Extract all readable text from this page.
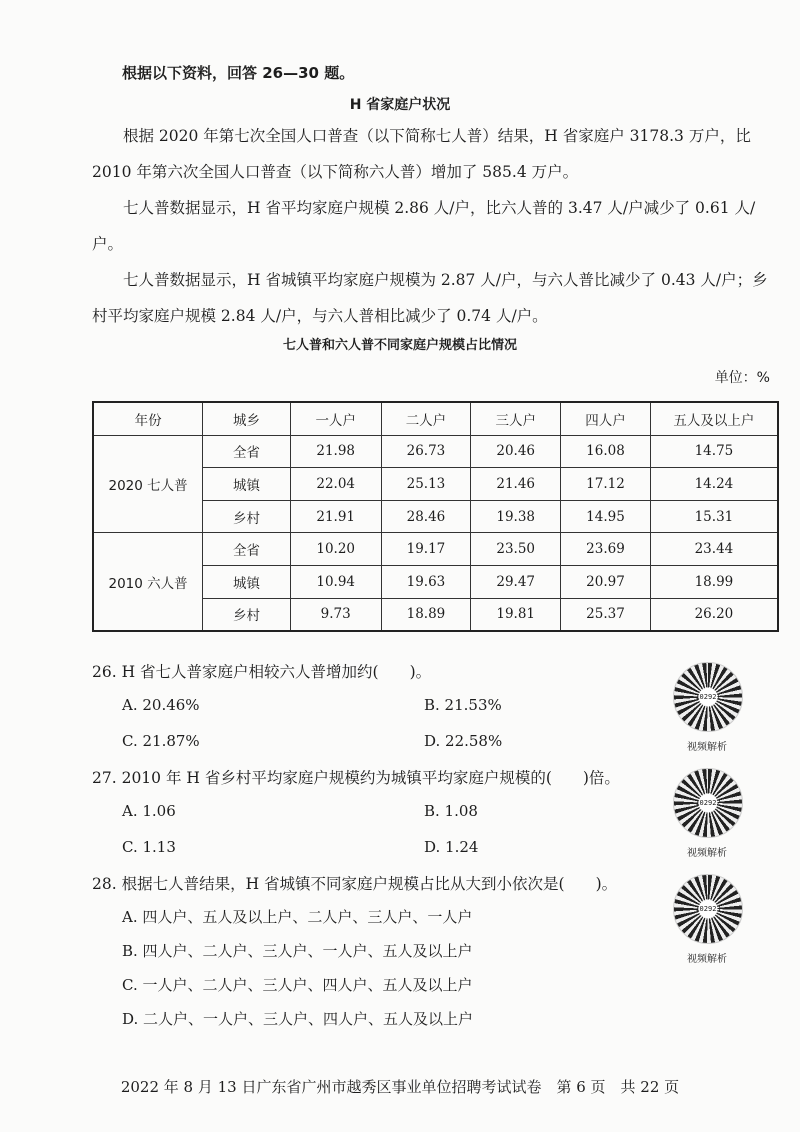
根据以下资料，回答 26—30 题。
H 省家庭户状况
根据 2020 年第七次全国人口普查（以下简称七人普）结果，H 省家庭户 3178.3 万户，比 2010 年第六次全国人口普查（以下简称六人普）增加了 585.4 万户。
七人普数据显示，H 省平均家庭户规模 2.86 人/户，比六人普的 3.47 人/户减少了 0.61 人/户。
七人普数据显示，H 省城镇平均家庭户规模为 2.87 人/户，与六人普比减少了 0.43 人/户；乡村平均家庭户规模 2.84 人/户，与六人普相比减少了 0.74 人/户。
七人普和六人普不同家庭户规模占比情况
单位：%
年份	城乡	一人户	二人户	三人户	四人户	五人及以上户
2020 七人普	全省	21.98	26.73	20.46	16.08	14.75
	城镇	22.04	25.13	21.46	17.12	14.24
	乡村	21.91	28.46	19.38	14.95	15.31
2010 六人普	全省	10.20	19.17	23.50	23.69	23.44
	城镇	10.94	19.63	29.47	20.97	18.99
	乡村	9.73	18.89	19.81	25.37	26.20
26. H 省七人普家庭户相较六人普增加约(　　)。
A. 20.46%	B. 21.53%
C. 21.87%	D. 22.58%
102921
视频解析
27. 2010 年 H 省乡村平均家庭户规模约为城镇平均家庭户规模的(　　)倍。
A. 1.06	B. 1.08
C. 1.13	D. 1.24
102922
视频解析
28. 根据七人普结果，H 省城镇不同家庭户规模占比从大到小依次是(　　)。
A. 四人户、五人及以上户、二人户、三人户、一人户
B. 四人户、二人户、三人户、一人户、五人及以上户
C. 一人户、二人户、三人户、四人户、五人及以上户
D. 二人户、一人户、三人户、四人户、五人及以上户
102923
视频解析
2022 年 8 月 13 日广东省广州市越秀区事业单位招聘考试试卷　第 6 页　共 22 页
